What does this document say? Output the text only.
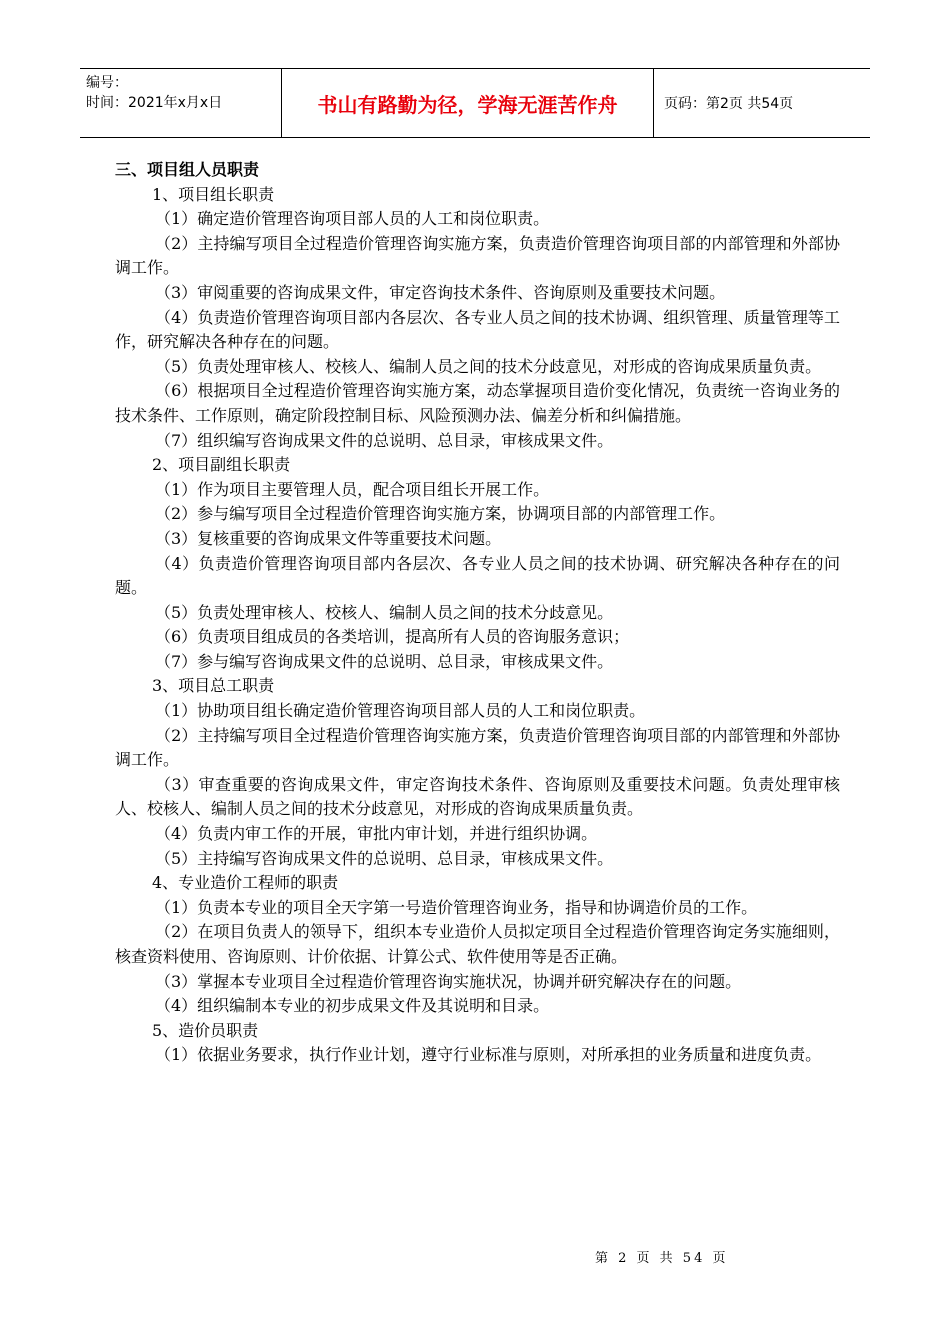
编号：
时间：2021年x月x日	书山有路勤为径，学海无涯苦作舟	页码：第2页 共54页

三、项目组人员职责

1、项目组长职责

（1）确定造价管理咨询项目部人员的人工和岗位职责。

（2）主持编写项目全过程造价管理咨询实施方案，负责造价管理咨询项目部的内部管理和外部协调工作。

（3）审阅重要的咨询成果文件，审定咨询技术条件、咨询原则及重要技术问题。

（4）负责造价管理咨询项目部内各层次、各专业人员之间的技术协调、组织管理、质量管理等工作，研究解决各种存在的问题。

（5）负责处理审核人、校核人、编制人员之间的技术分歧意见，对形成的咨询成果质量负责。

（6）根据项目全过程造价管理咨询实施方案，动态掌握项目造价变化情况，负责统一咨询业务的技术条件、工作原则，确定阶段控制目标、风险预测办法、偏差分析和纠偏措施。

（7）组织编写咨询成果文件的总说明、总目录，审核成果文件。

2、项目副组长职责

（1）作为项目主要管理人员，配合项目组长开展工作。

（2）参与编写项目全过程造价管理咨询实施方案，协调项目部的内部管理工作。

（3）复核重要的咨询成果文件等重要技术问题。

（4）负责造价管理咨询项目部内各层次、各专业人员之间的技术协调、研究解决各种存在的问题。

（5）负责处理审核人、校核人、编制人员之间的技术分歧意见。

（6）负责项目组成员的各类培训，提高所有人员的咨询服务意识；

（7）参与编写咨询成果文件的总说明、总目录，审核成果文件。

3、项目总工职责

（1）协助项目组长确定造价管理咨询项目部人员的人工和岗位职责。

（2）主持编写项目全过程造价管理咨询实施方案，负责造价管理咨询项目部的内部管理和外部协调工作。

（3）审查重要的咨询成果文件，审定咨询技术条件、咨询原则及重要技术问题。负责处理审核人、校核人、编制人员之间的技术分歧意见，对形成的咨询成果质量负责。

（4）负责内审工作的开展，审批内审计划，并进行组织协调。

（5）主持编写咨询成果文件的总说明、总目录，审核成果文件。

4、专业造价工程师的职责

（1）负责本专业的项目全天字第一号造价管理咨询业务，指导和协调造价员的工作。

（2）在项目负责人的领导下，组织本专业造价人员拟定项目全过程造价管理咨询定务实施细则，核查资料使用、咨询原则、计价依据、计算公式、软件使用等是否正确。

（3）掌握本专业项目全过程造价管理咨询实施状况，协调并研究解决存在的问题。

（4）组织编制本专业的初步成果文件及其说明和目录。

5、造价员职责

（1）依据业务要求，执行作业计划，遵守行业标准与原则，对所承担的业务质量和进度负责。

第 2 页 共 54 页
